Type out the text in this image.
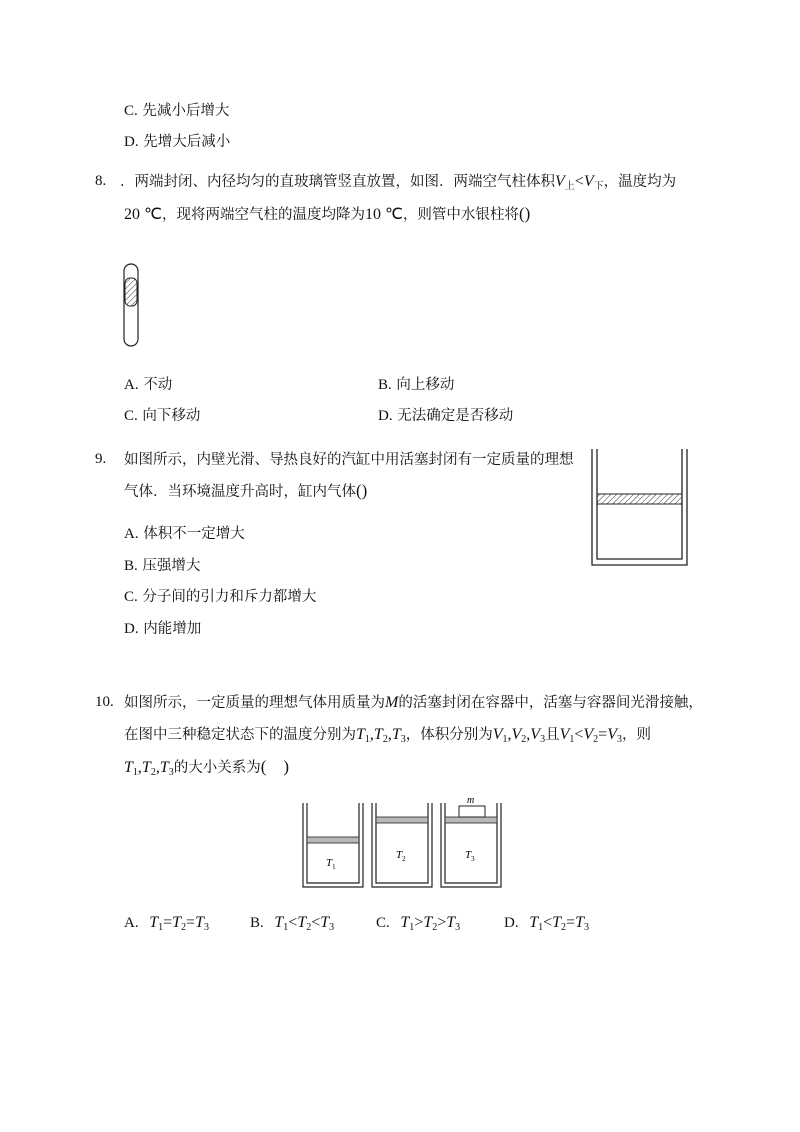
C. 先减小后增大
D. 先增大后减小
8. ．两端封闭、内径均匀的直玻璃管竖直放置，如图．两端空气柱体积$V_上<V_下$，温度均为
20 ℃，现将两端空气柱的温度均降为10 ℃，则管中水银柱将()
A. 不动	B. 向上移动
C. 向下移动	D. 无法确定是否移动
9. 如图所示，内壁光滑、导热良好的汽缸中用活塞封闭有一定质量的理想
气体．当环境温度升高时，缸内气体()
A. 体积不一定增大
B. 压强增大
C. 分子间的引力和斥力都增大
D. 内能增加
10. 如图所示，一定质量的理想气体用质量为M的活塞封闭在容器中，活塞与容器间光滑接触，
在图中三种稳定状态下的温度分别为$T_1,T_2,T_3$，体积分别为$V_1,V_2,V_3$且$V_1<V_2=V_3$，则
$T_1,T_2,T_3$的大小关系为(　)
$T_1$
$T_2$
m
$T_3$
A. $T_1=T_2=T_3$	B. $T_1<T_2<T_3$	C. $T_1>T_2>T_3$	D. $T_1<T_2=T_3$
